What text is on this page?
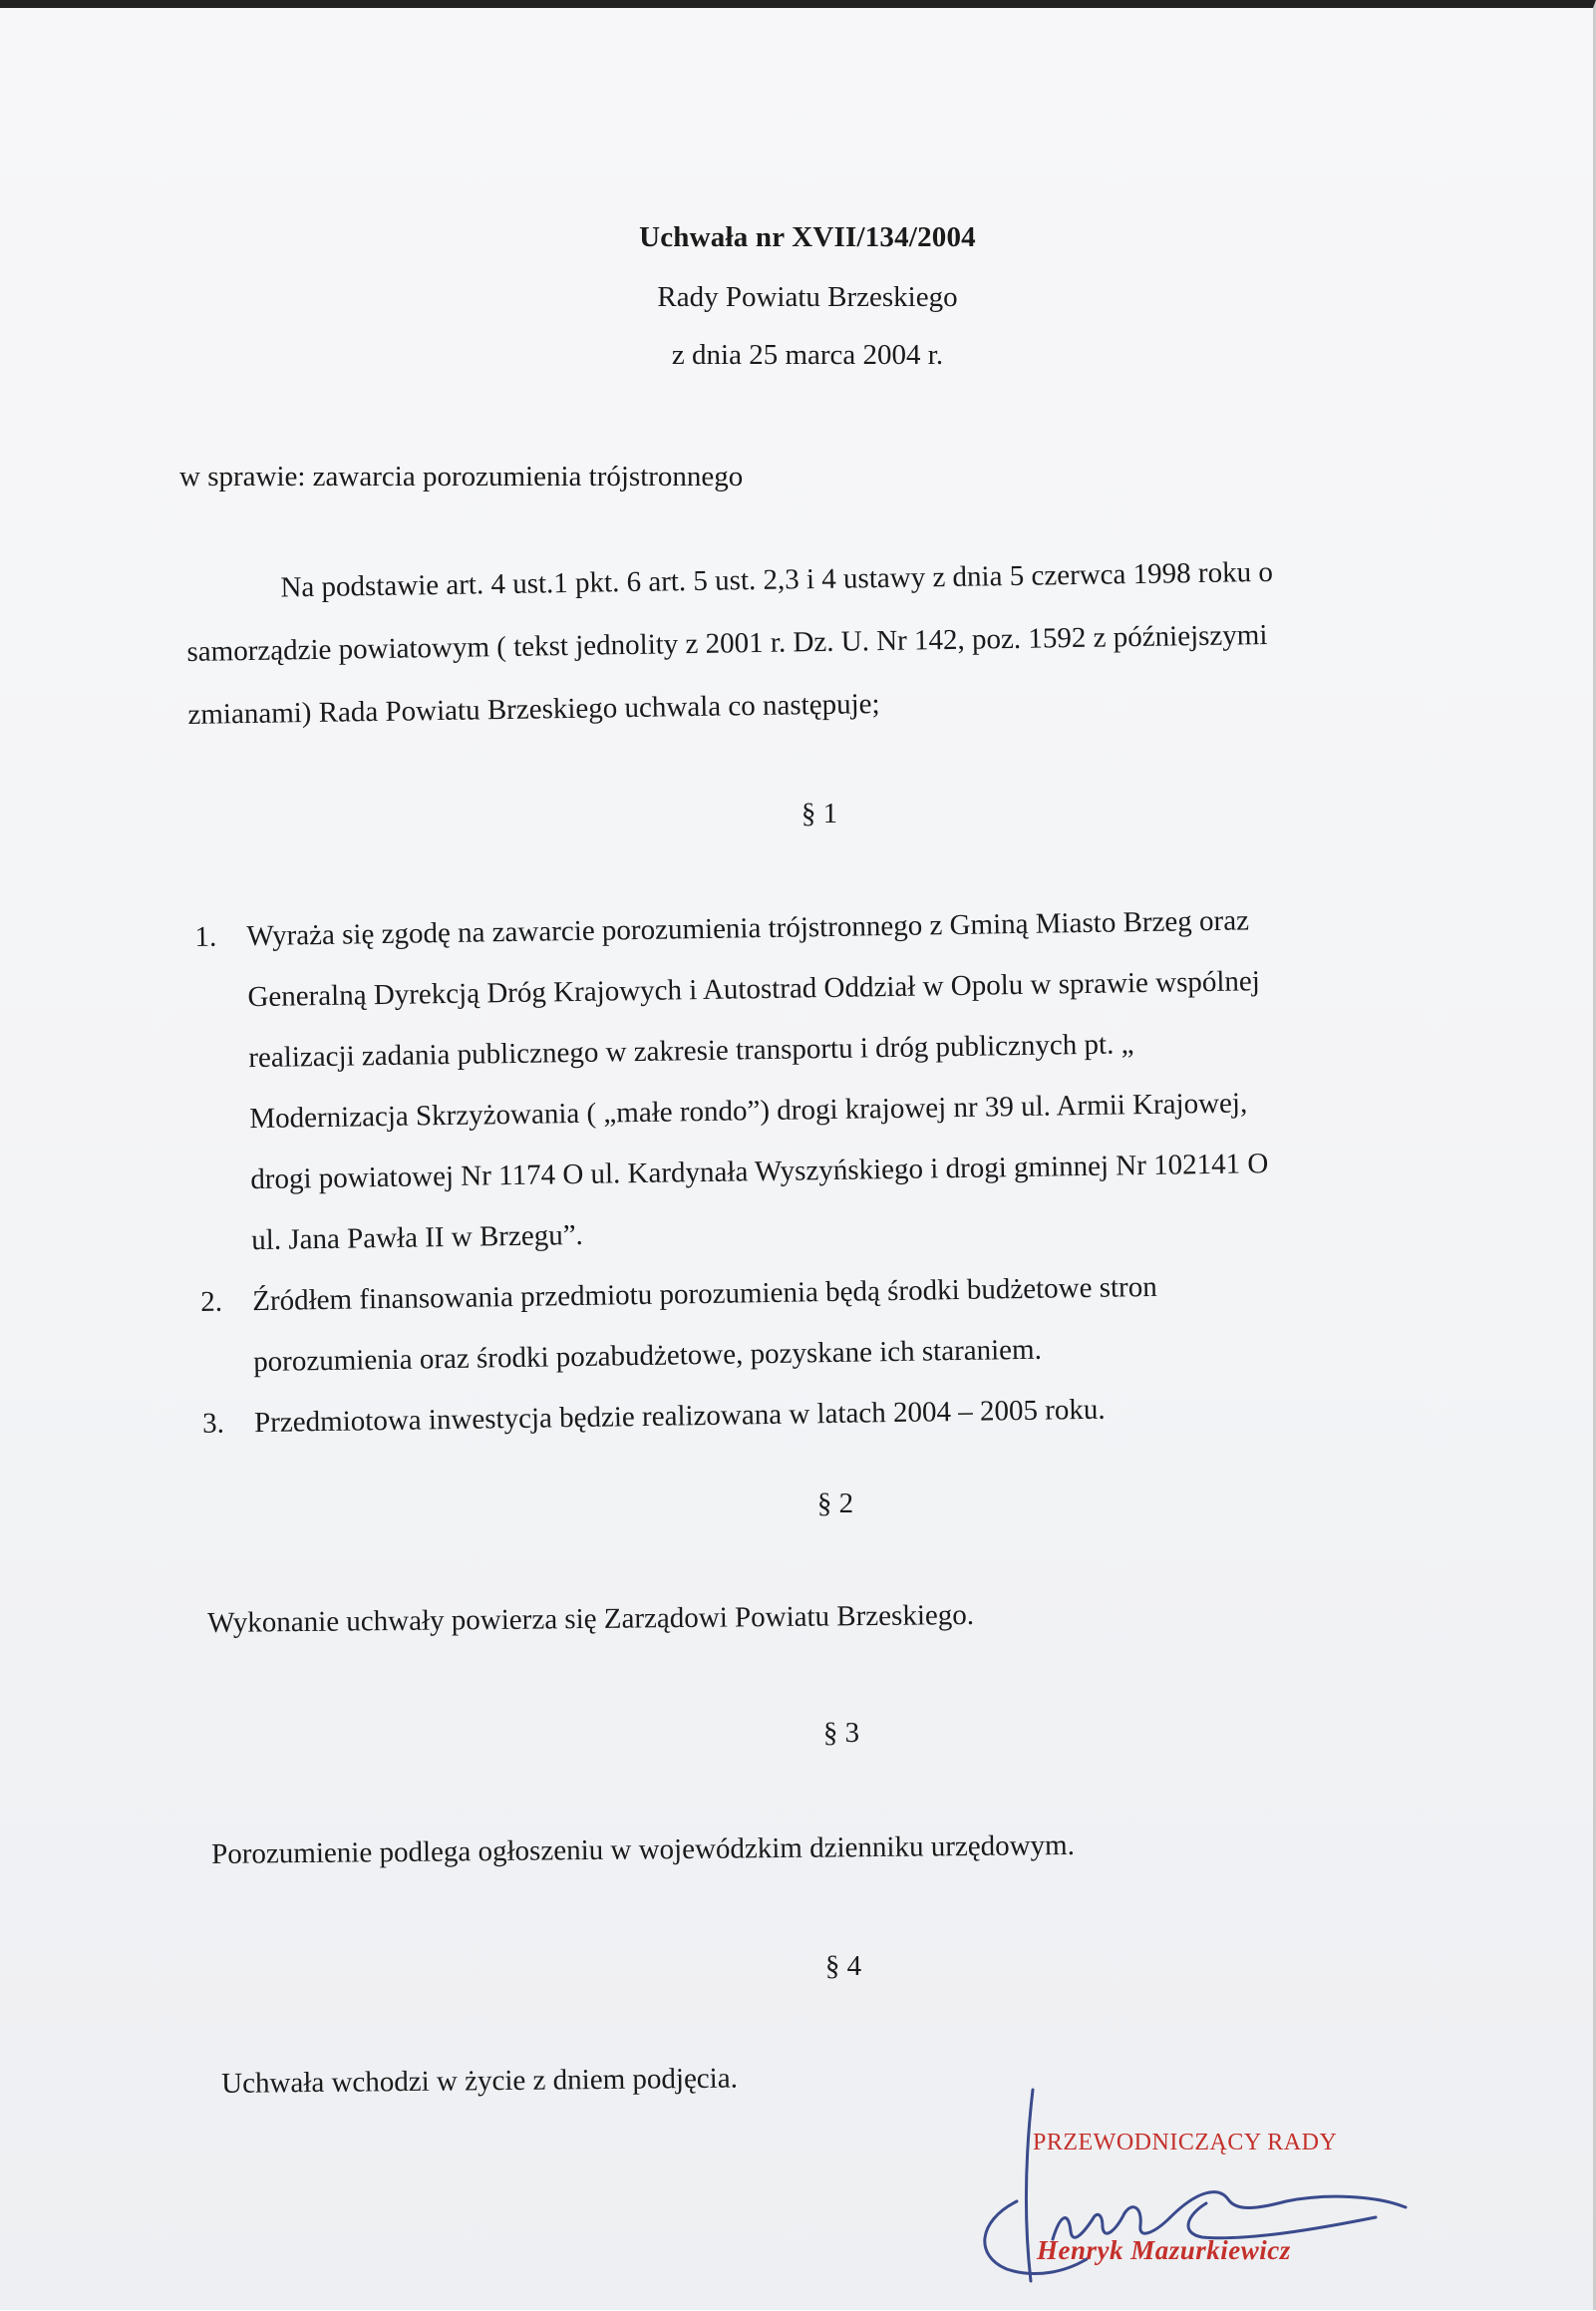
Uchwała nr XVII/134/2004
Rady Powiatu Brzeskiego
z dnia 25 marca 2004 r.
w sprawie: zawarcia porozumienia trójstronnego
Na podstawie art. 4 ust.1 pkt. 6 art. 5 ust. 2,3 i 4 ustawy z dnia 5 czerwca 1998 roku o
samorządzie powiatowym ( tekst jednolity z 2001 r. Dz. U. Nr 142, poz. 1592 z późniejszymi
zmianami) Rada Powiatu Brzeskiego uchwala co następuje;
§ 1
1.	Wyraża się zgodę na zawarcie porozumienia trójstronnego z Gminą Miasto Brzeg oraz
Generalną Dyrekcją Dróg Krajowych i Autostrad Oddział w Opolu w sprawie wspólnej
realizacji zadania publicznego w zakresie transportu i dróg publicznych pt. „
Modernizacja Skrzyżowania ( „małe rondo”) drogi krajowej nr 39 ul. Armii Krajowej,
drogi powiatowej Nr 1174 O ul. Kardynała Wyszyńskiego i drogi gminnej Nr 102141 O
ul. Jana Pawła II w Brzegu”.
2.	Źródłem finansowania przedmiotu porozumienia będą środki budżetowe stron
porozumienia oraz środki pozabudżetowe, pozyskane ich staraniem.
3.	Przedmiotowa inwestycja będzie realizowana w latach 2004 – 2005 roku.
§ 2
Wykonanie uchwały powierza się Zarządowi Powiatu Brzeskiego.
§ 3
Porozumienie podlega ogłoszeniu w wojewódzkim dzienniku urzędowym.
§ 4
Uchwała wchodzi w życie z dniem podjęcia.
PRZEWODNICZĄCY RADY
Henryk Mazurkiewicz
